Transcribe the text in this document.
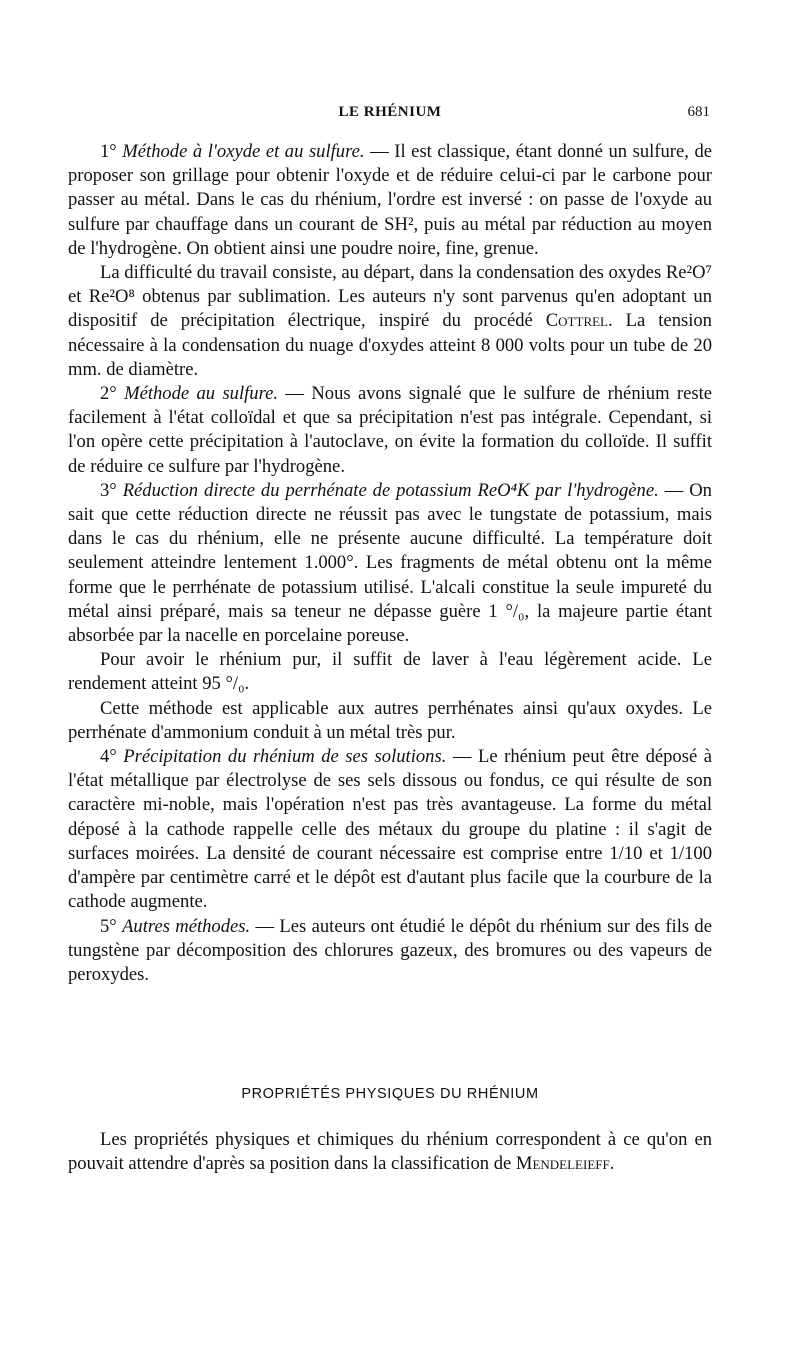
LE RHÉNIUM	681

1° Méthode à l'oxyde et au sulfure. — Il est classique, étant donné un sulfure, de proposer son grillage pour obtenir l'oxyde et de réduire celui-ci par le carbone pour passer au métal. Dans le cas du rhénium, l'ordre est inversé : on passe de l'oxyde au sulfure par chauffage dans un courant de SH², puis au métal par réduction au moyen de l'hydrogène. On obtient ainsi une poudre noire, fine, grenue.

La difficulté du travail consiste, au départ, dans la condensation des oxydes Re²O⁷ et Re²O⁸ obtenus par sublimation. Les auteurs n'y sont parvenus qu'en adoptant un dispositif de précipitation électrique, inspiré du procédé Cottrel. La tension nécessaire à la condensation du nuage d'oxydes atteint 8 000 volts pour un tube de 20 mm. de diamètre.

2° Méthode au sulfure. — Nous avons signalé que le sulfure de rhénium reste facilement à l'état colloïdal et que sa précipitation n'est pas intégrale. Cependant, si l'on opère cette précipitation à l'autoclave, on évite la formation du colloïde. Il suffit de réduire ce sulfure par l'hydrogène.

3° Réduction directe du perrhénate de potassium ReO⁴K par l'hydrogène. — On sait que cette réduction directe ne réussit pas avec le tungstate de potassium, mais dans le cas du rhénium, elle ne présente aucune difficulté. La température doit seulement atteindre lentement 1.000°. Les fragments de métal obtenu ont la même forme que le perrhénate de potassium utilisé. L'alcali constitue la seule impureté du métal ainsi préparé, mais sa teneur ne dépasse guère 1 °/₀, la majeure partie étant absorbée par la nacelle en porcelaine poreuse.

Pour avoir le rhénium pur, il suffit de laver à l'eau légèrement acide. Le rendement atteint 95 °/₀.

Cette méthode est applicable aux autres perrhénates ainsi qu'aux oxydes. Le perrhénate d'ammonium conduit à un métal très pur.

4° Précipitation du rhénium de ses solutions. — Le rhénium peut être déposé à l'état métallique par électrolyse de ses sels dissous ou fondus, ce qui résulte de son caractère mi-noble, mais l'opération n'est pas très avantageuse. La forme du métal déposé à la cathode rappelle celle des métaux du groupe du platine : il s'agit de surfaces moirées. La densité de courant nécessaire est comprise entre 1/10 et 1/100 d'ampère par centimètre carré et le dépôt est d'autant plus facile que la courbure de la cathode augmente.

5° Autres méthodes. — Les auteurs ont étudié le dépôt du rhénium sur des fils de tungstène par décomposition des chlorures gazeux, des bromures ou des vapeurs de peroxydes.

PROPRIÉTÉS PHYSIQUES DU RHÉNIUM

Les propriétés physiques et chimiques du rhénium correspondent à ce qu'on en pouvait attendre d'après sa position dans la classification de Mendeleieff.
